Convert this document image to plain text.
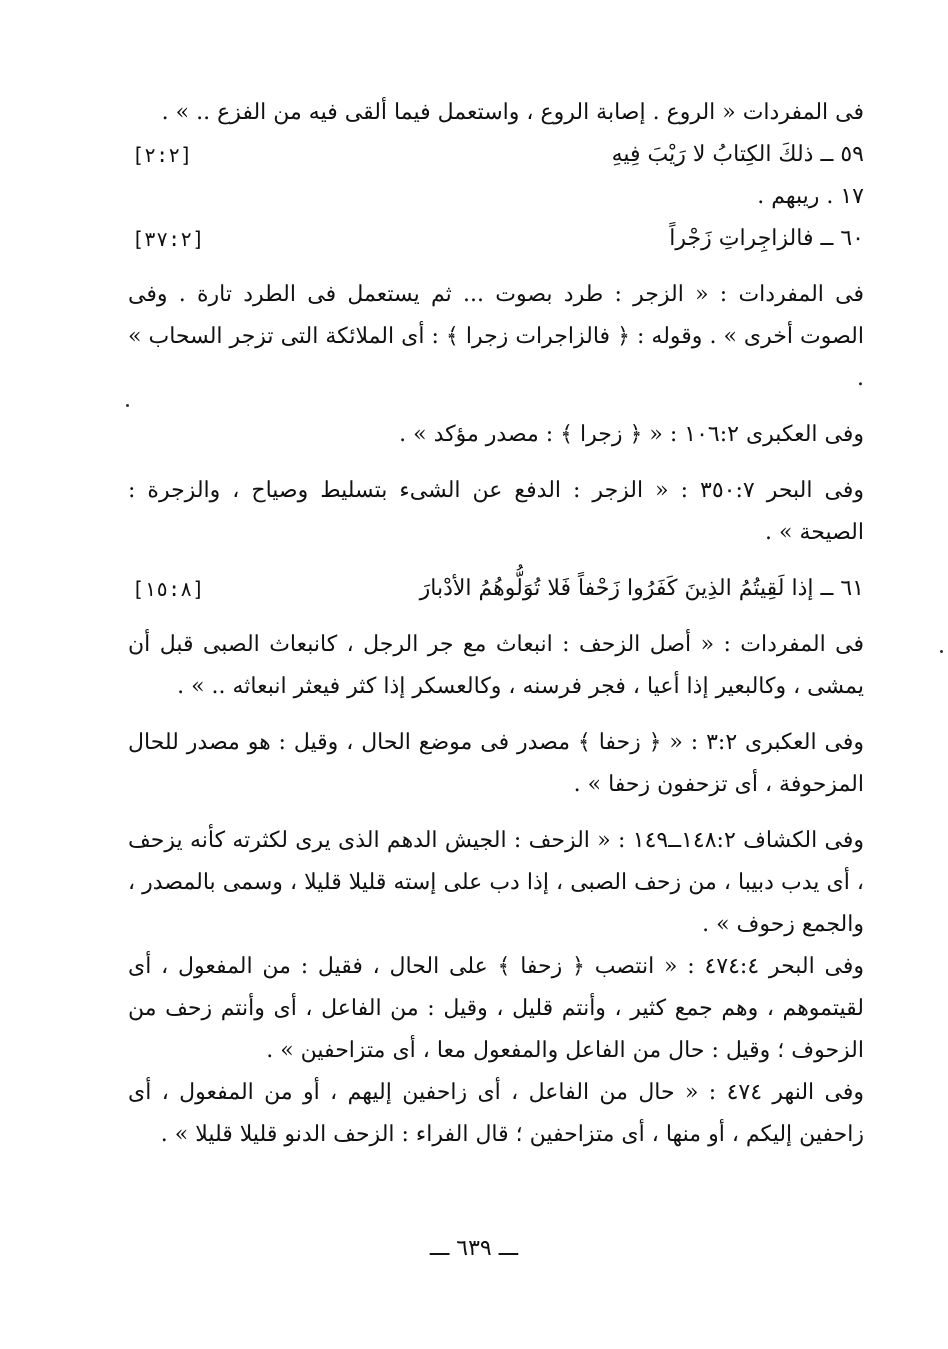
فى المفردات « الروع . إصابة الروع ، واستعمل فيما ألقى فيه من الفزع .. » .

٥٩ ــ ذلكَ الكِتابُ لا رَيْبَ فِيهِ
[٢:٢]

١٧ . ريبهم .

٦٠ ــ فالزاجِراتِ زَجْراً
[٣٧:٢]

فى المفردات : « الزجر : طرد بصوت ... ثم يستعمل فى الطرد تارة . وفى الصوت أخرى » . وقوله : ﴿ فالزاجرات زجرا ﴾ : أى الملائكة التى تزجر السحاب » .

وفى العكبرى ١٠٦:٢ : « ﴿ زجرا ﴾ : مصدر مؤكد » .

وفى البحر ٣٥٠:٧ : « الزجر : الدفع عن الشىء بتسليط وصياح ، والزجرة : الصيحة » .

٦١ ــ إذا لَقِيتُمُ الذِينَ كَفَرُوا زَحْفاً فَلا تُوَلُّوهُمُ الأدْبارَ
[١٥:٨]

فى المفردات : « أصل الزحف : انبعاث مع جر الرجل ، كانبعاث الصبى قبل أن يمشى ، وكالبعير إذا أعيا ، فجر فرسنه ، وكالعسكر إذا كثر فيعثر انبعاثه .. » .

وفى العكبرى ٣:٢ : « ﴿ زحفا ﴾ مصدر فى موضع الحال ، وقيل : هو مصدر للحال المزحوفة ، أى تزحفون زحفا » .

وفى الكشاف ١٤٨:٢ــ١٤٩ : « الزحف : الجيش الدهم الذى يرى لكثرته كأنه يزحف ، أى يدب دبيبا ، من زحف الصبى ، إذا دب على إسته قليلا قليلا ، وسمى بالمصدر ، والجمع زحوف » .

وفى البحر ٤٧٤:٤ : « انتصب ﴿ زحفا ﴾ على الحال ، فقيل : من المفعول ، أى لقيتموهم ، وهم جمع كثير ، وأنتم قليل ، وقيل : من الفاعل ، أى وأنتم زحف من الزحوف ؛ وقيل : حال من الفاعل والمفعول معا ، أى متزاحفين » .

وفى النهر ٤٧٤ : « حال من الفاعل ، أى زاحفين إليهم ، أو من المفعول ، أى زاحفين إليكم ، أو منها ، أى متزاحفين ؛ قال الفراء : الزحف الدنو قليلا قليلا » .

ـــ ٦٣٩ ـــ
